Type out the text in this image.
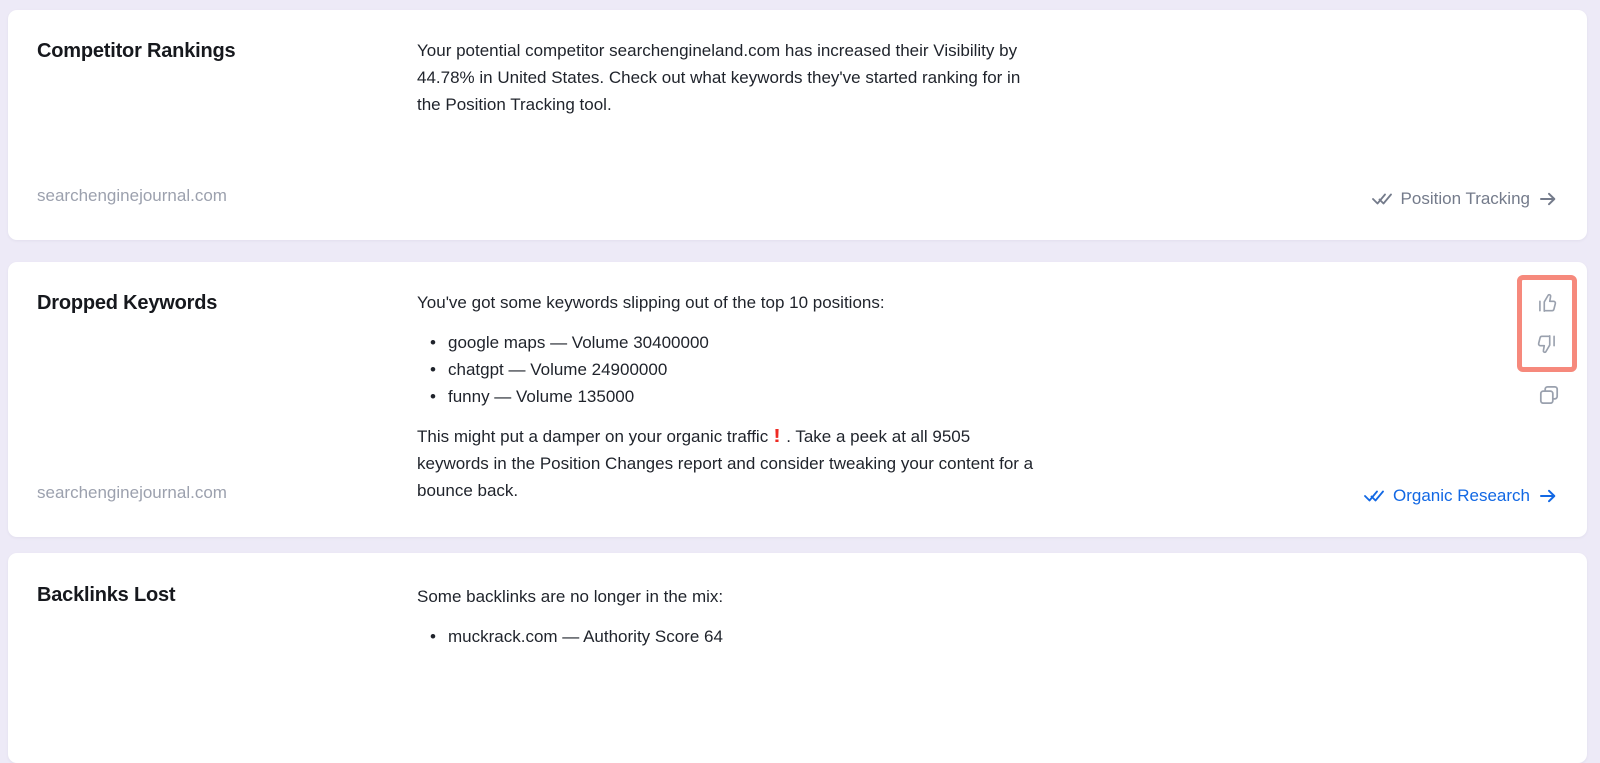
Competitor Rankings	Your potential competitor searchengineland.com has increased their Visibility by
44.78% in United States. Check out what keywords they've started ranking for in
the Position Tracking tool.
searchenginejournal.com	Position Tracking
Dropped Keywords	You've got some keywords slipping out of the top 10 positions:
• google maps — Volume 30400000
• chatgpt — Volume 24900000
• funny — Volume 135000
This might put a damper on your organic traffic ! . Take a peek at all 9505
keywords in the Position Changes report and consider tweaking your content for a
bounce back.
searchenginejournal.com	Organic Research
Backlinks Lost	Some backlinks are no longer in the mix:
• muckrack.com — Authority Score 64
